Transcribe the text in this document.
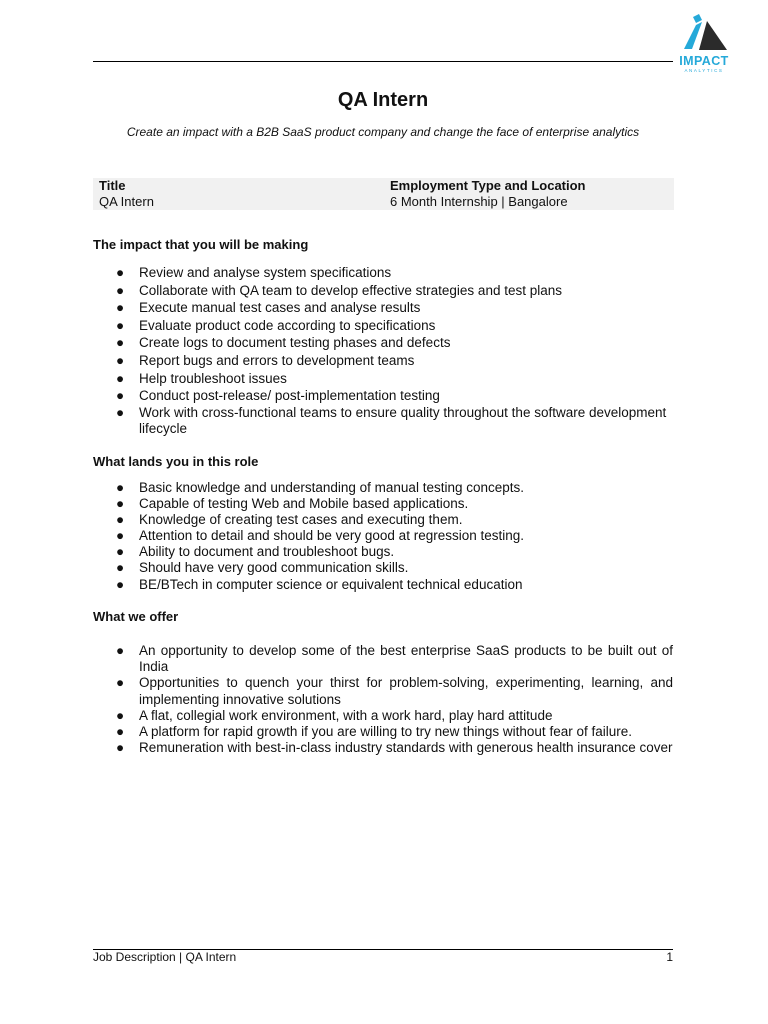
IMPACT
ANALYTICS
QA Intern
Create an impact with a B2B SaaS product company and change the face of enterprise analytics
Title
QA Intern
Employment Type and Location
6 Month Internship | Bangalore
The impact that you will be making
● Review and analyse system specifications
● Collaborate with QA team to develop effective strategies and test plans
● Execute manual test cases and analyse results
● Evaluate product code according to specifications
● Create logs to document testing phases and defects
● Report bugs and errors to development teams
● Help troubleshoot issues
● Conduct post-release/ post-implementation testing
● Work with cross-functional teams to ensure quality throughout the software development lifecycle
What lands you in this role
● Basic knowledge and understanding of manual testing concepts.
● Capable of testing Web and Mobile based applications.
● Knowledge of creating test cases and executing them.
● Attention to detail and should be very good at regression testing.
● Ability to document and troubleshoot bugs.
● Should have very good communication skills.
● BE/BTech in computer science or equivalent technical education
What we offer
● An opportunity to develop some of the best enterprise SaaS products to be built out of India
● Opportunities to quench your thirst for problem-solving, experimenting, learning, and implementing innovative solutions
● A flat, collegial work environment, with a work hard, play hard attitude
● A platform for rapid growth if you are willing to try new things without fear of failure.
● Remuneration with best-in-class industry standards with generous health insurance cover
Job Description | QA Intern	1
